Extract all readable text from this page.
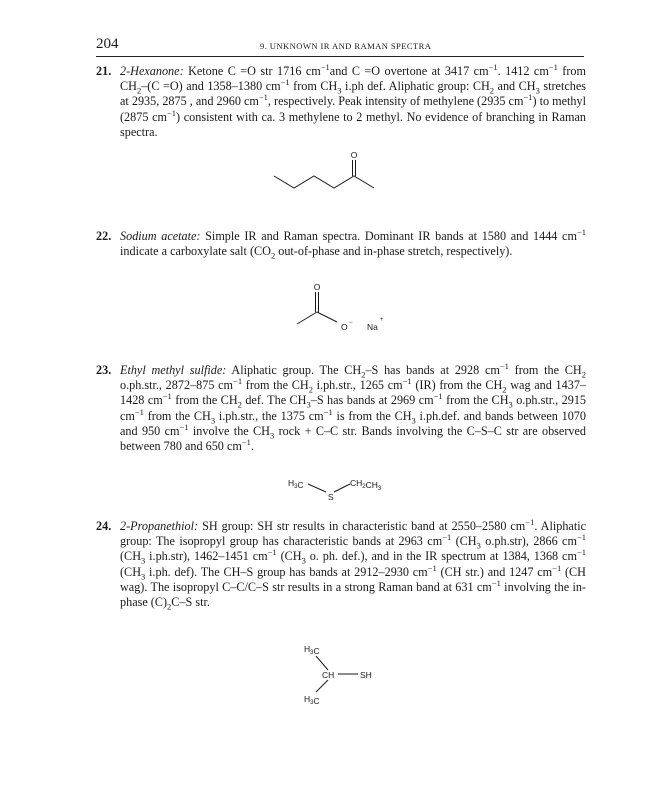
204	9. UNKNOWN IR AND RAMAN SPECTRA
21. 2-Hexanone: Ketone C =O str 1716 $cm^{-1}and$ C =O overtone at 3417 $cm^{-1}$. 1412 $cm^{-1}$ from $CH_2-(C =O)$ and 1358–1380 $cm^{-1}$ from $CH_3$ i.ph def. Aliphatic group: $CH_2$ and $CH_3$ stretches at 2935, 2875 , and 2960 $cm^{-1}$, respectively. Peak intensity of methylene (2935 $cm^{-1}$) to methyl (2875 $cm^{-1}$) consistent with ca. 3 methylene to 2 methyl. No evidence of branching in Raman spectra.
O
22. Sodium acetate: Simple IR and Raman spectra. Dominant IR bands at 1580 and 1444 $cm^{-1}$ indicate a carboxylate salt ($CO_2$ out-of-phase and in-phase stretch, respectively).
O
O − Na
+
23. Ethyl methyl sulfide: Aliphatic group. The $CH_2-S$ has bands at 2928 $cm^{-1}$ from the $CH_2$ o.ph.str., 2872–875 $cm^{-1}$ from the $CH_2$ i.ph.str., 1265 $cm^{-1}$ (IR) from the $CH_2$ wag and 1437–1428 $cm^{-1}$ from the $CH_2$ def. The $CH_3-S$ has bands at 2969 $cm^{-1}$ from the $CH_3$ o.ph.str., 2915 $cm^{-1}$ from the $CH_3$ i.ph.str., the 1375 $cm^{-1}$ is from the $CH_3$ i.ph.def. and bands between 1070 and 950 $cm^{-1}$ involve the $CH_3$ rock + C–C str. Bands involving the C–S–C str are observed between 780 and 650 $cm^{-1}$.
$H_3C$
S
$CH_2CH_3$
24. 2-Propanethiol: SH group: SH str results in characteristic band at 2550–2580 $cm^{-1}$. Aliphatic group: The isopropyl group has characteristic bands at 2963 $cm^{-1}$ ($CH_3$ o.ph.str), 2866 $cm^{-1}$ ($CH_3$ i.ph.str), 1462–1451 $cm^{-1}$ ($CH_3$ o. ph. def.), and in the IR spectrum at 1384, 1368 $cm^{-1}$ ($CH_3$ i.ph. def). The CH–S group has bands at 2912–2930 $cm^{-1}$ (CH str.) and 1247 $cm^{-1}$ (CH wag). The isopropyl C–C/C–S str results in a strong Raman band at 631 $cm^{-1}$ involving the in-phase $(C)_2C-S$ str.
$H_3C$
CH	SH
$H_3C$
